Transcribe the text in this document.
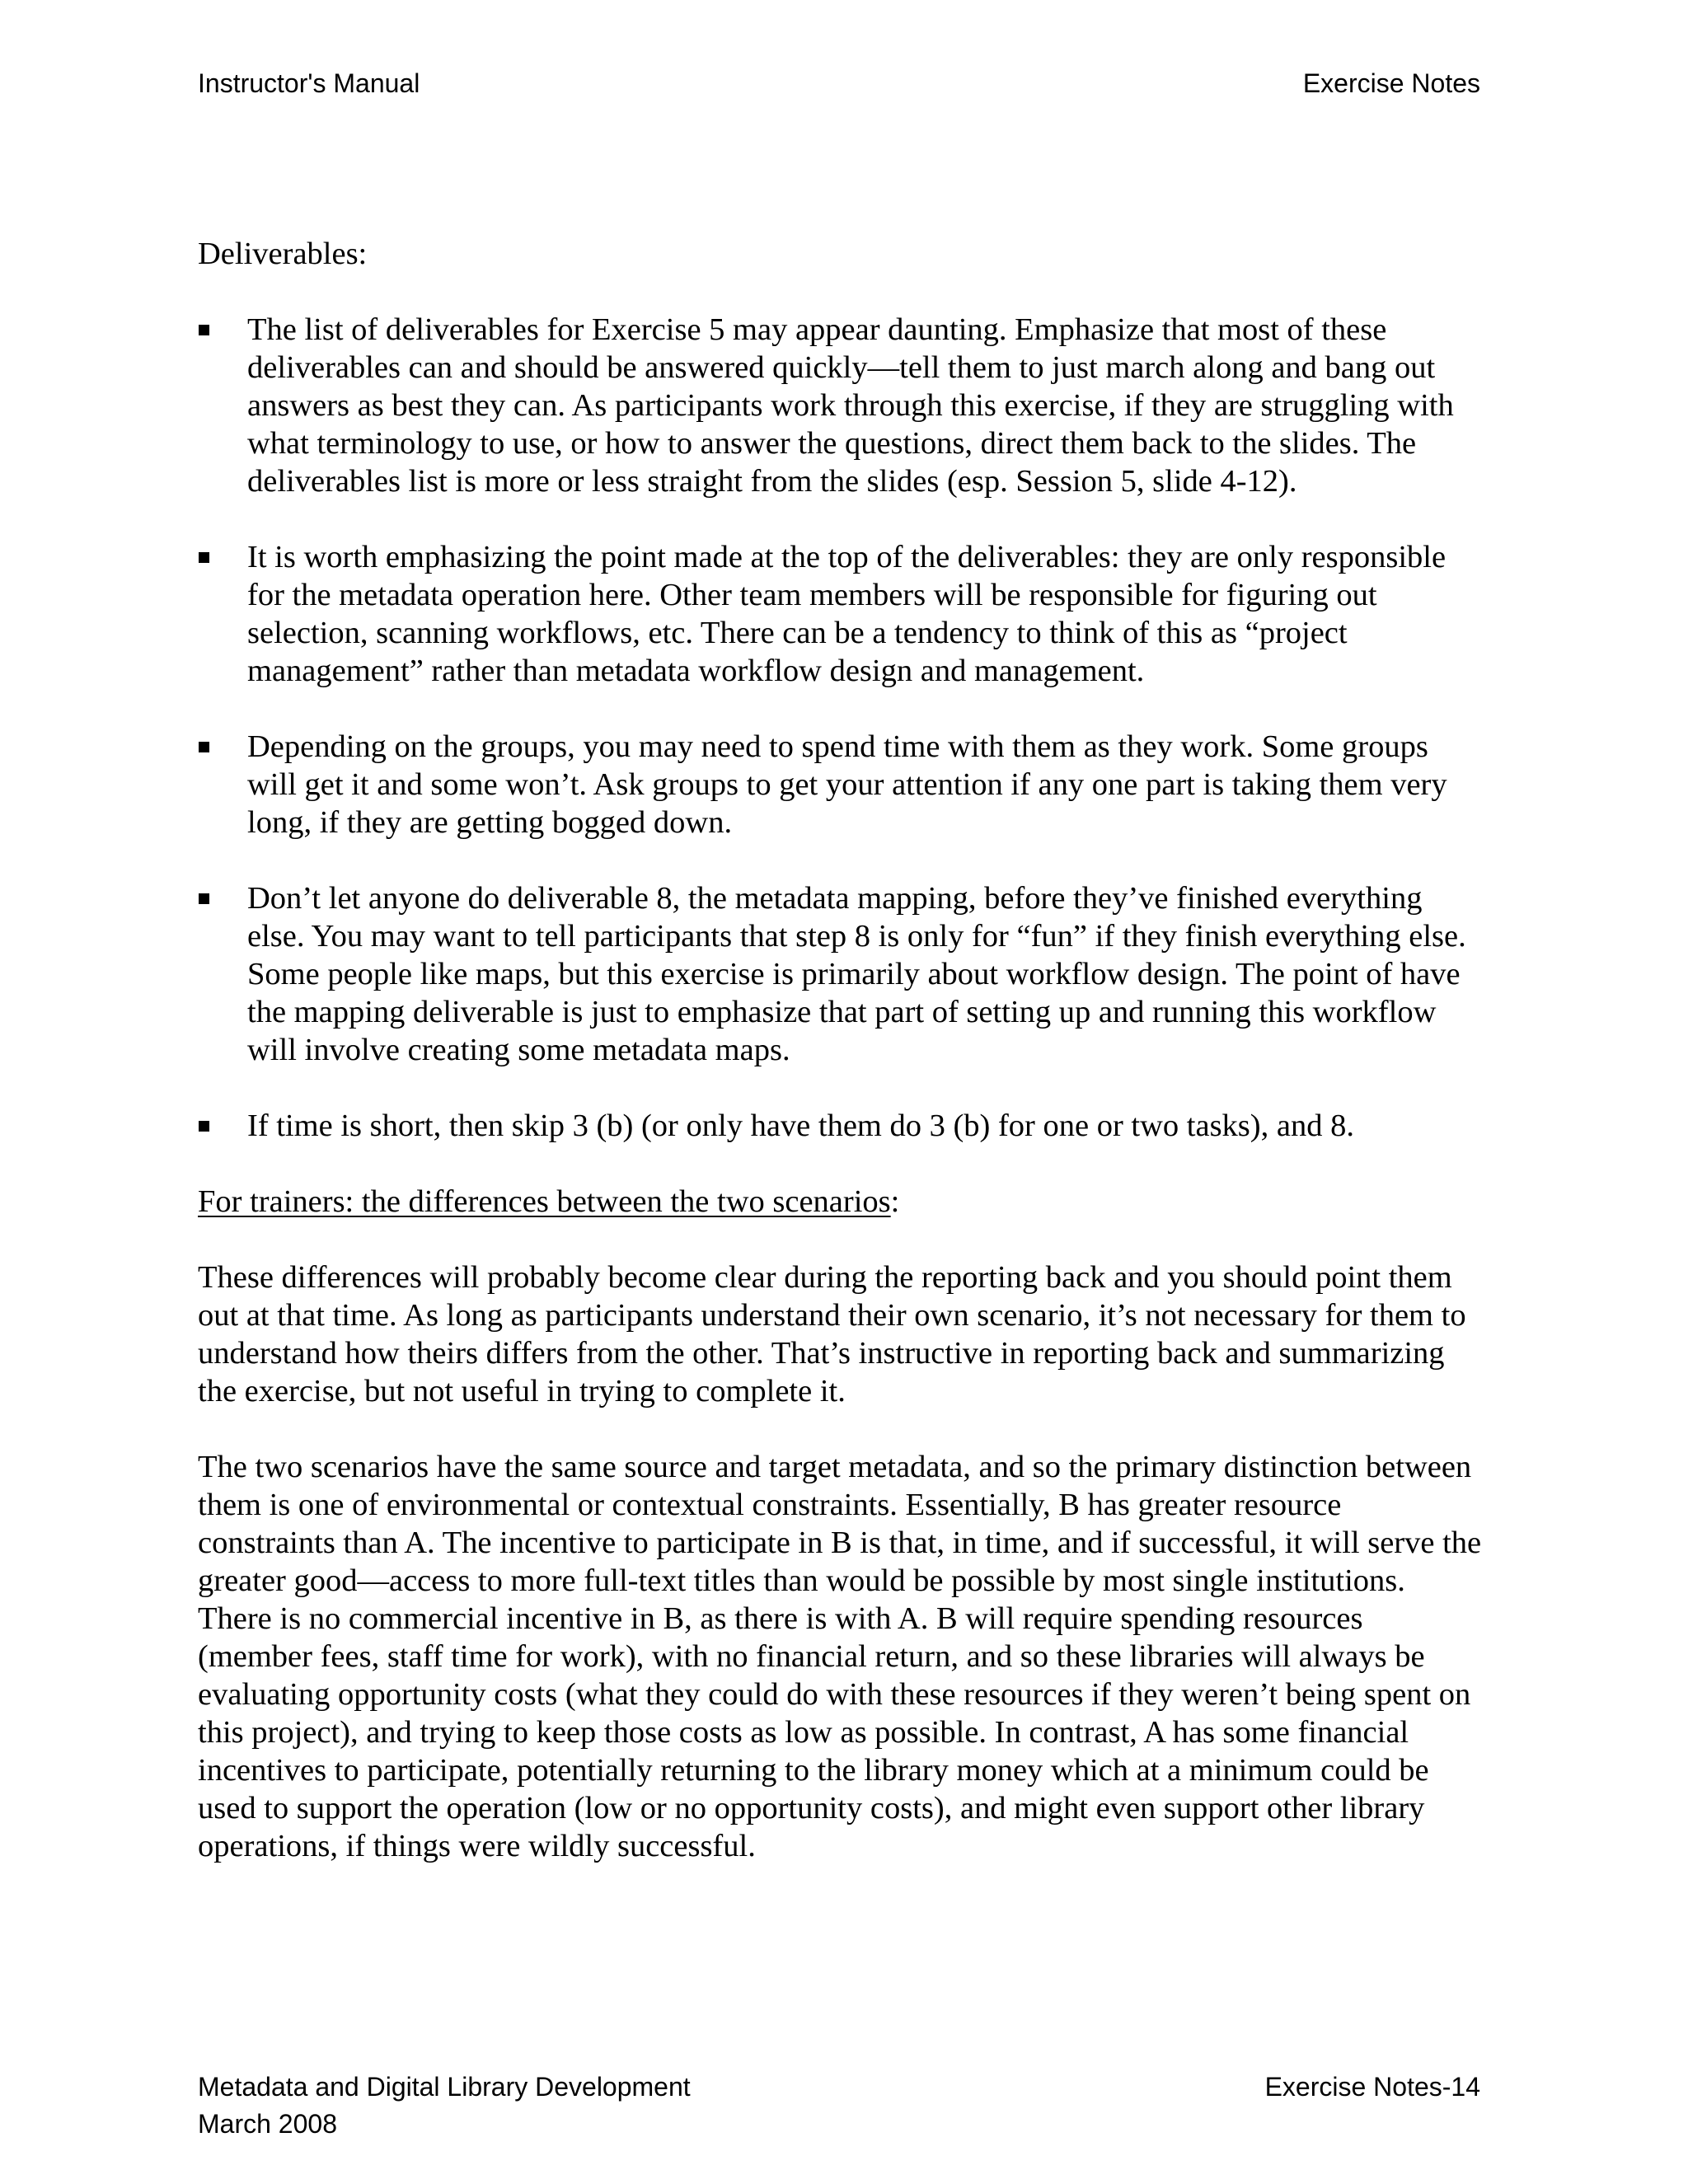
Instructor's Manual	Exercise Notes

Deliverables:

The list of deliverables for Exercise 5 may appear daunting. Emphasize that most of these deliverables can and should be answered quickly—tell them to just march along and bang out answers as best they can. As participants work through this exercise, if they are struggling with what terminology to use, or how to answer the questions, direct them back to the slides. The deliverables list is more or less straight from the slides (esp. Session 5, slide 4-12).
It is worth emphasizing the point made at the top of the deliverables: they are only responsible for the metadata operation here. Other team members will be responsible for figuring out selection, scanning workflows, etc. There can be a tendency to think of this as “project management” rather than metadata workflow design and management.
Depending on the groups, you may need to spend time with them as they work. Some groups will get it and some won’t. Ask groups to get your attention if any one part is taking them very long, if they are getting bogged down.
Don’t let anyone do deliverable 8, the metadata mapping, before they’ve finished everything else. You may want to tell participants that step 8 is only for “fun” if they finish everything else. Some people like maps, but this exercise is primarily about workflow design. The point of have the mapping deliverable is just to emphasize that part of setting up and running this workflow will involve creating some metadata maps.
If time is short, then skip 3 (b) (or only have them do 3 (b) for one or two tasks), and 8.

For trainers: the differences between the two scenarios:

These differences will probably become clear during the reporting back and you should point them out at that time. As long as participants understand their own scenario, it’s not necessary for them to understand how theirs differs from the other. That’s instructive in reporting back and summarizing the exercise, but not useful in trying to complete it.

The two scenarios have the same source and target metadata, and so the primary distinction between them is one of environmental or contextual constraints. Essentially, B has greater resource constraints than A. The incentive to participate in B is that, in time, and if successful, it will serve the greater good—access to more full-text titles than would be possible by most single institutions. There is no commercial incentive in B, as there is with A. B will require spending resources (member fees, staff time for work), with no financial return, and so these libraries will always be evaluating opportunity costs (what they could do with these resources if they weren’t being spent on this project), and trying to keep those costs as low as possible. In contrast, A has some financial incentives to participate, potentially returning to the library money which at a minimum could be used to support the operation (low or no opportunity costs), and might even support other library operations, if things were wildly successful.

Metadata and Digital Library Development	Exercise Notes-14
March 2008
